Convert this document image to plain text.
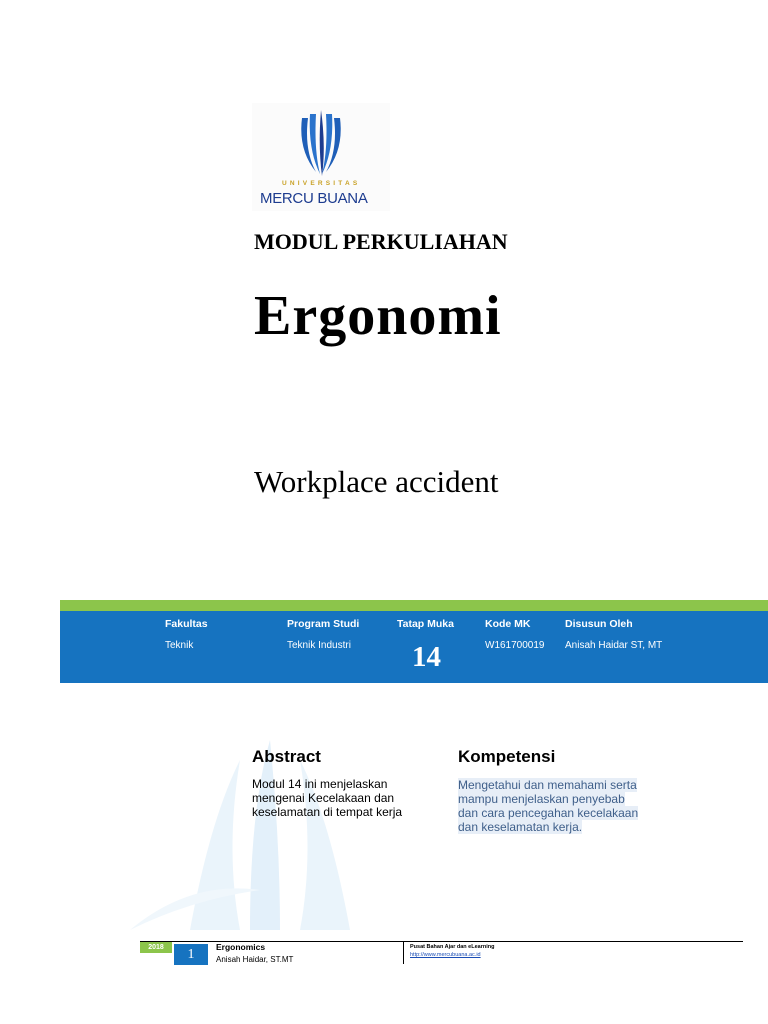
UNIVERSITAS
MERCU BUANA
MODUL PERKULIAHAN
Ergonomi
Workplace accident
Fakultas
Teknik
Program Studi
Teknik Industri
Tatap Muka
14
Kode MK
W161700019
Disusun Oleh
Anisah Haidar ST, MT
Abstract
Modul 14 ini menjelaskan
mengenai Kecelakaan dan
keselamatan di tempat kerja
Kompetensi
Mengetahui dan memahami serta
mampu menjelaskan penyebab
dan cara pencegahan kecelakaan
dan keselamatan kerja.
2018	1	Ergonomics
Anisah Haidar, ST.MT
Pusat Bahan Ajar dan eLearning
http://www.mercubuana.ac.id
